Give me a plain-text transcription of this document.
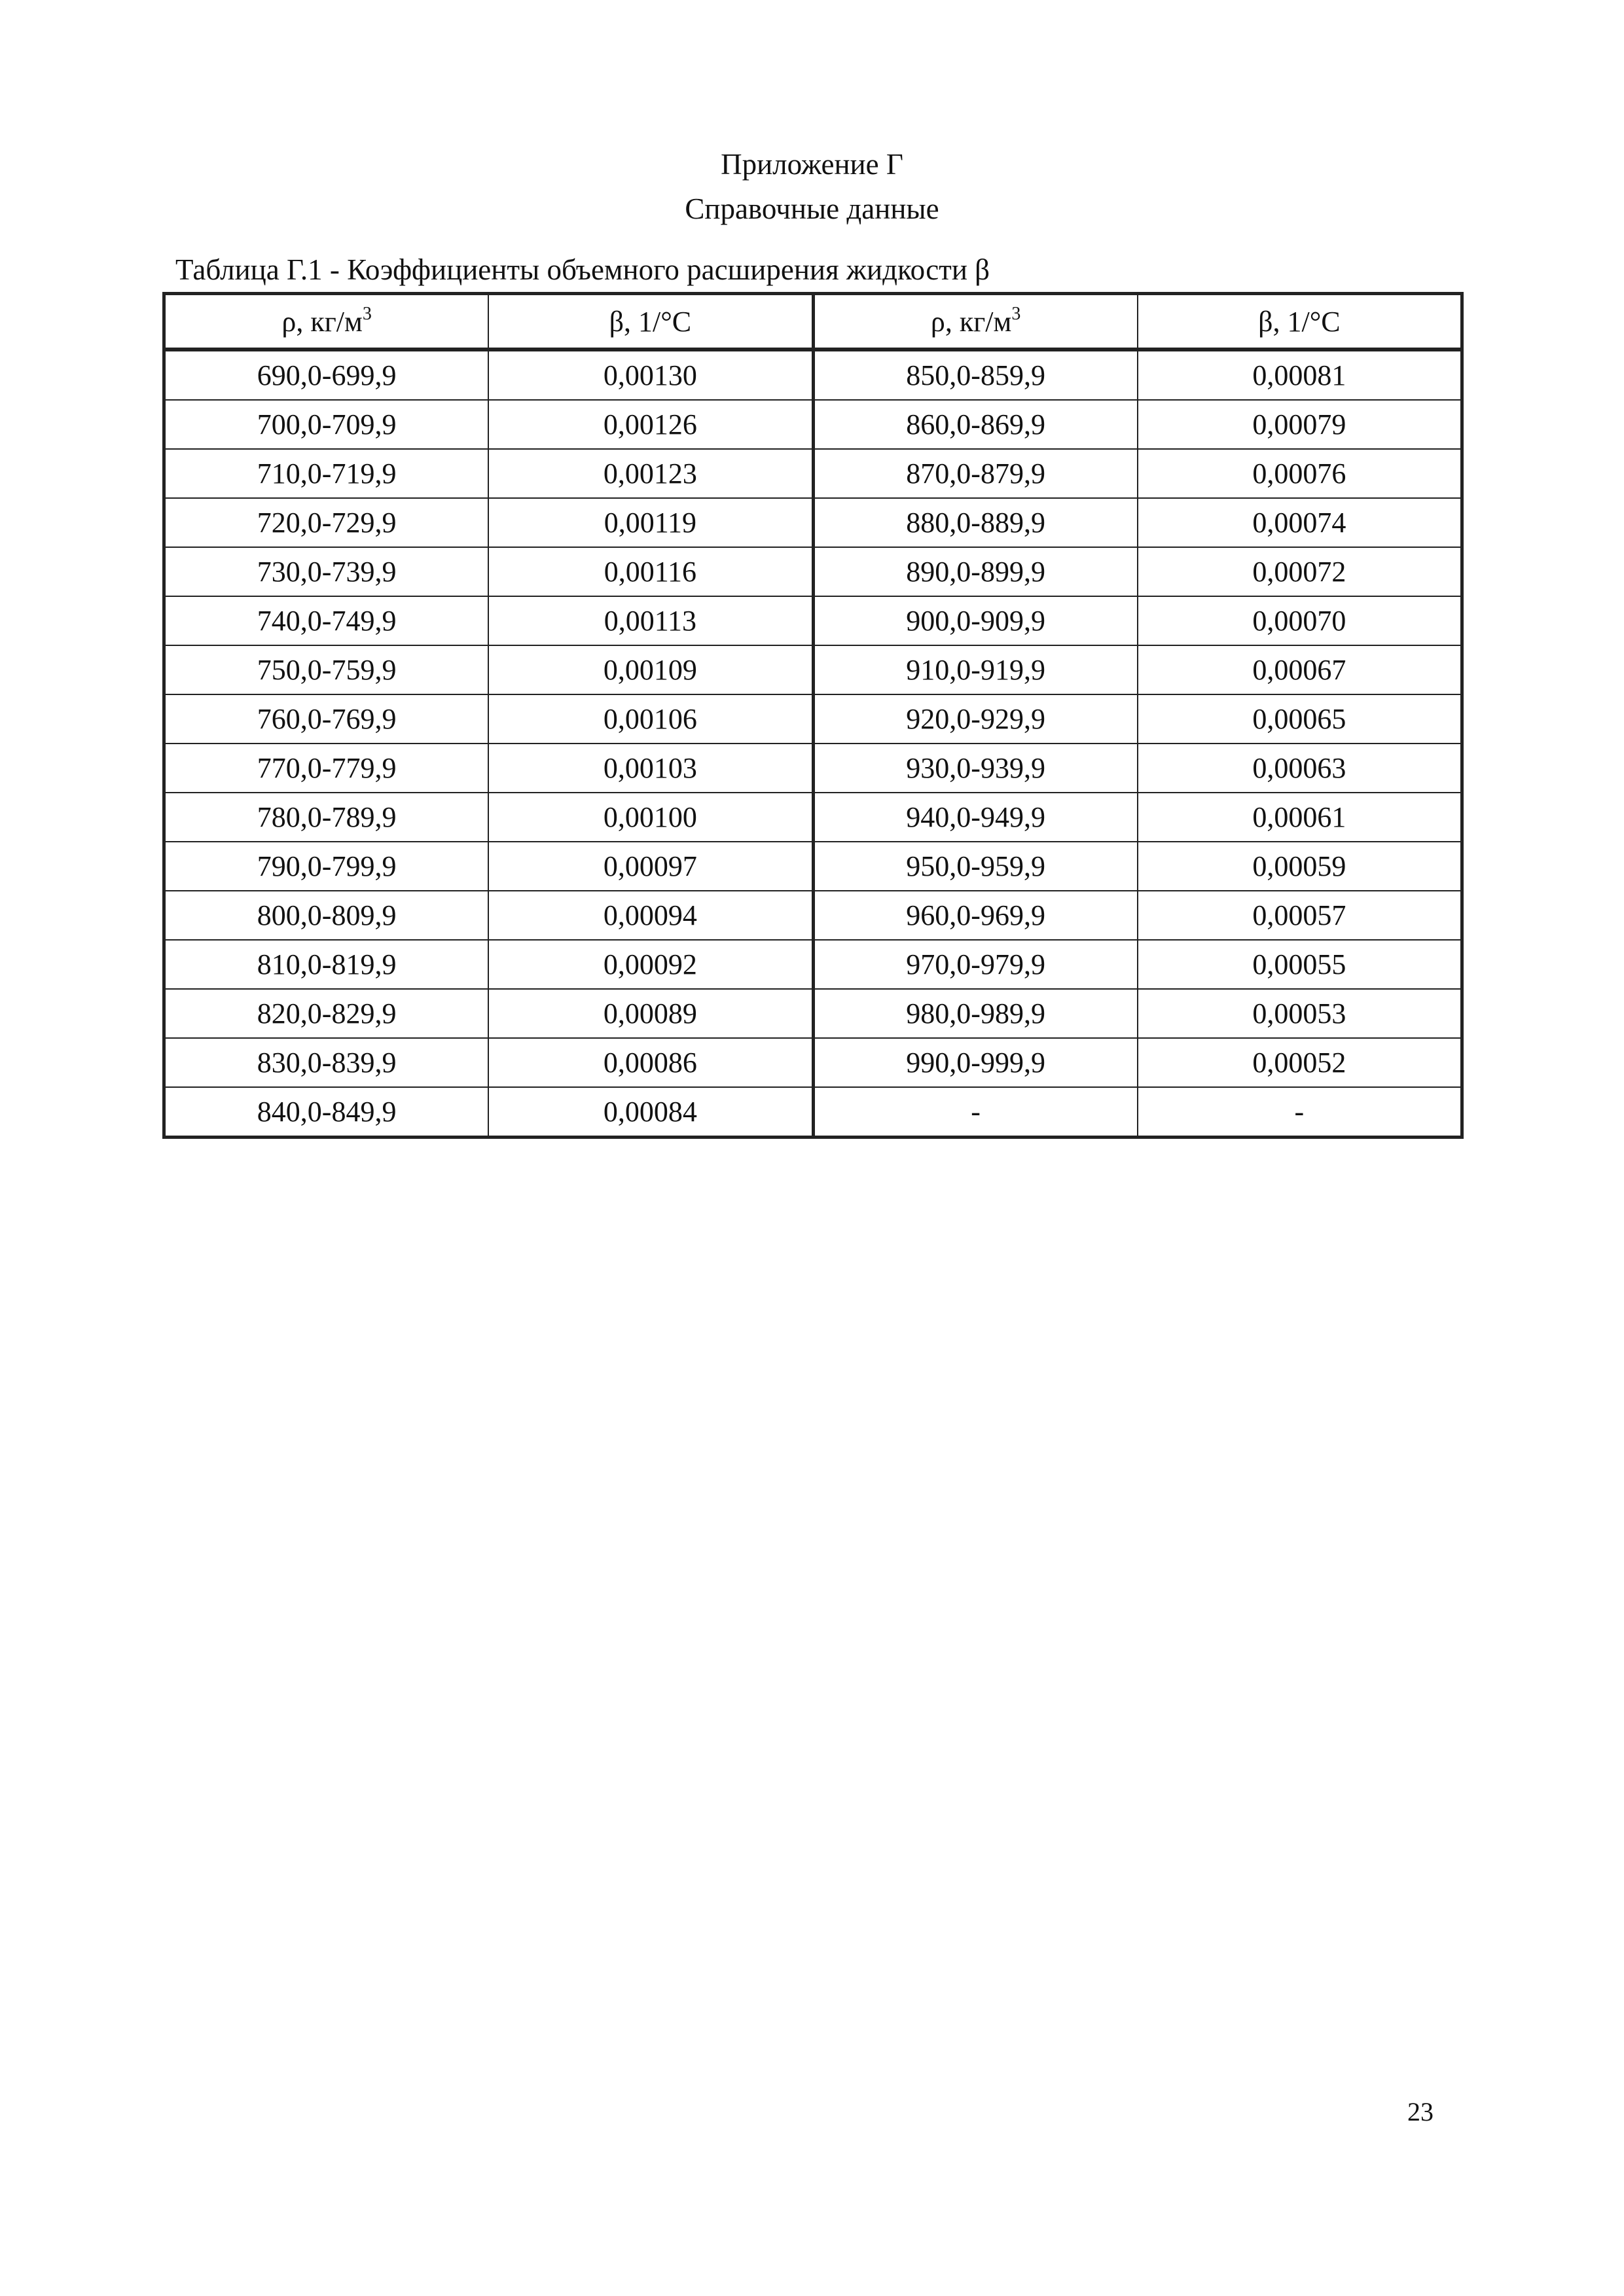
Приложение Г
Справочные данные
Таблица Г.1 - Коэффициенты объемного расширения жидкости β
ρ, $кг/м^3$	β, 1/°С	ρ, $кг/м^3$	β, 1/°С
690,0-699,9	0,00130	850,0-859,9	0,00081
700,0-709,9	0,00126	860,0-869,9	0,00079
710,0-719,9	0,00123	870,0-879,9	0,00076
720,0-729,9	0,00119	880,0-889,9	0,00074
730,0-739,9	0,00116	890,0-899,9	0,00072
740,0-749,9	0,00113	900,0-909,9	0,00070
750,0-759,9	0,00109	910,0-919,9	0,00067
760,0-769,9	0,00106	920,0-929,9	0,00065
770,0-779,9	0,00103	930,0-939,9	0,00063
780,0-789,9	0,00100	940,0-949,9	0,00061
790,0-799,9	0,00097	950,0-959,9	0,00059
800,0-809,9	0,00094	960,0-969,9	0,00057
810,0-819,9	0,00092	970,0-979,9	0,00055
820,0-829,9	0,00089	980,0-989,9	0,00053
830,0-839,9	0,00086	990,0-999,9	0,00052
840,0-849,9	0,00084	-	-
23
